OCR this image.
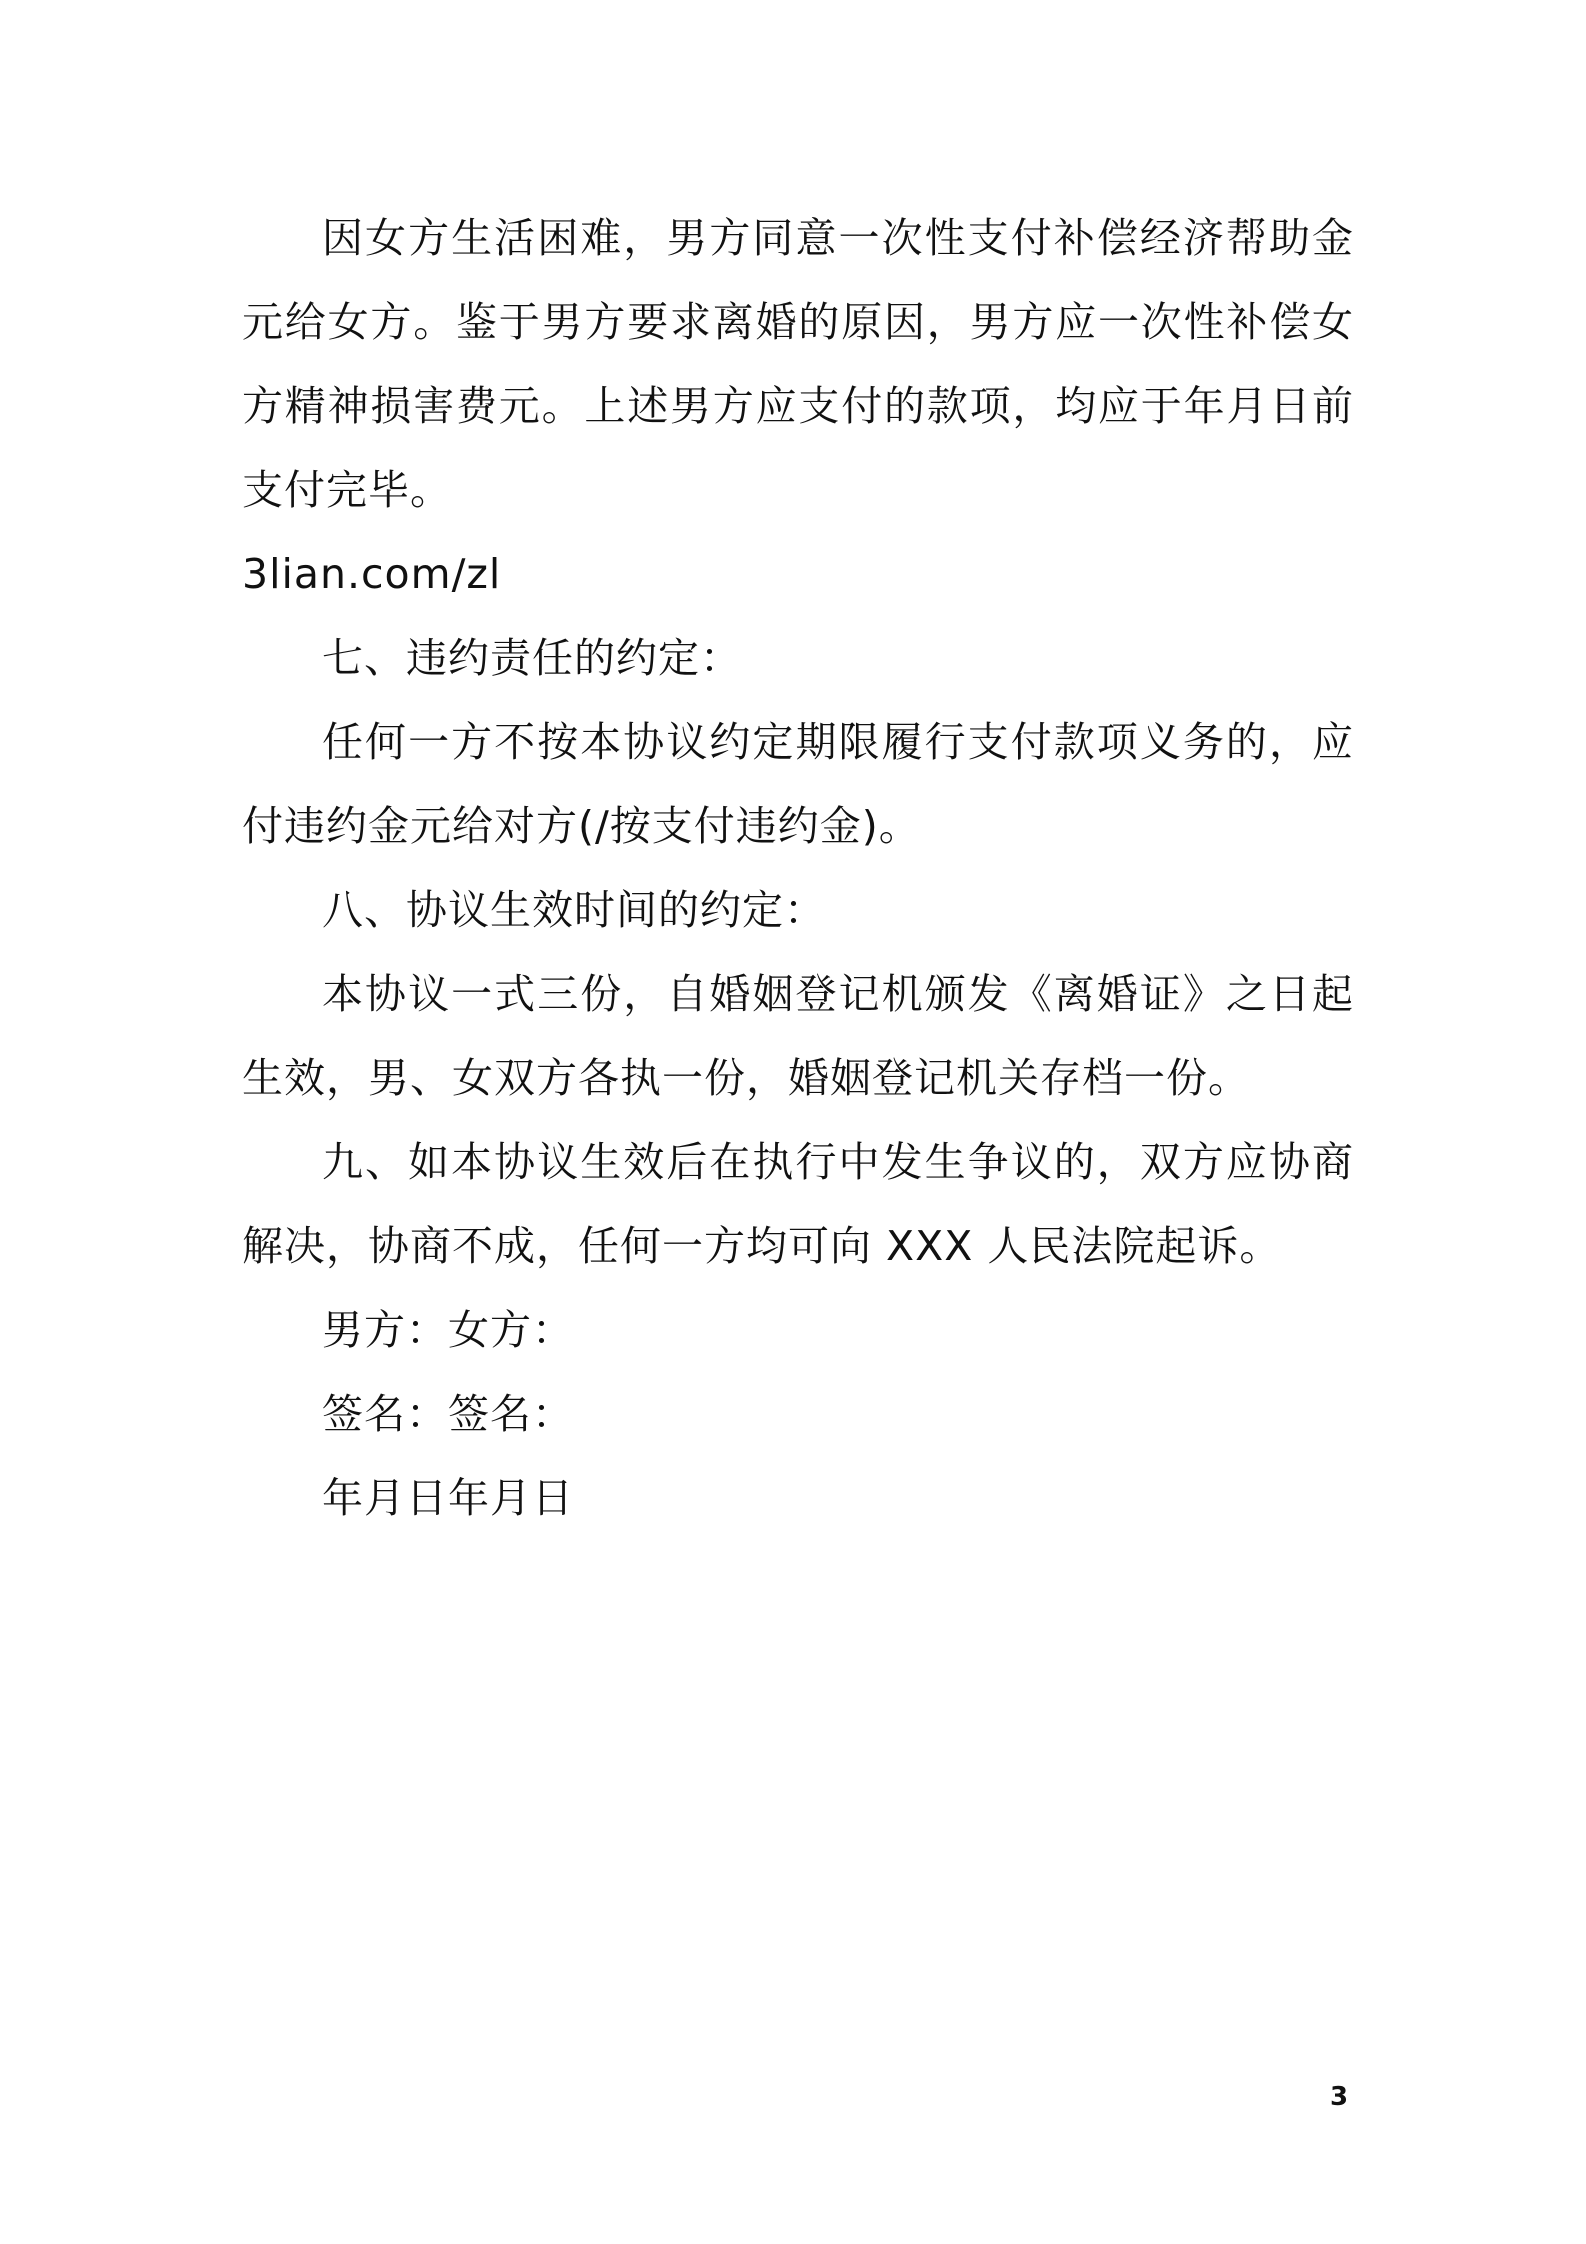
因女方生活困难，男方同意一次性支付补偿经济帮助金元给女方。鉴于男方要求离婚的原因，男方应一次性补偿女方精神损害费元。上述男方应支付的款项，均应于年月日前支付完毕。

3lian.com/zl

七、违约责任的约定：

任何一方不按本协议约定期限履行支付款项义务的，应付违约金元给对方(/按支付违约金)。

八、协议生效时间的约定：

本协议一式三份，自婚姻登记机颁发《离婚证》之日起生效，男、女双方各执一份，婚姻登记机关存档一份。

九、如本协议生效后在执行中发生争议的，双方应协商解决，协商不成，任何一方均可向 XXX 人民法院起诉。

男方：女方：

签名：签名：

年月日年月日

3
